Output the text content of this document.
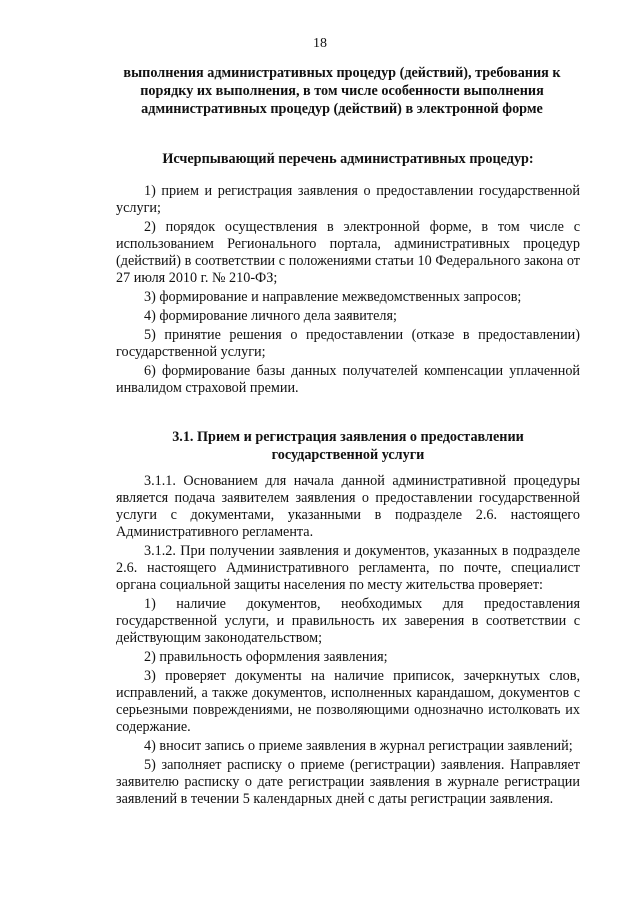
18
выполнения административных процедур (действий), требования к
порядку их выполнения, в том числе особенности выполнения
административных процедур (действий) в электронной форме
Исчерпывающий перечень административных процедур:

1) прием и регистрация заявления о предоставлении государственной услуги;

2) порядок осуществления в электронной форме, в том числе с использованием Регионального портала, административных процедур (действий) в соответствии с положениями статьи 10 Федерального закона от 27 июля 2010 г. № 210-ФЗ;

3) формирование и направление межведомственных запросов;

4) формирование личного дела заявителя;

5) принятие решения о предоставлении (отказе в предоставлении) государственной услуги;

6) формирование базы данных получателей компенсации уплаченной инвалидом страховой премии.

3.1. Прием и регистрация заявления о предоставлении
государственной услуги

3.1.1. Основанием для начала данной административной процедуры является подача заявителем заявления о предоставлении государственной услуги с документами, указанными в подразделе 2.6. настоящего Административного регламента.

3.1.2. При получении заявления и документов, указанных в подразделе 2.6. настоящего Административного регламента, по почте, специалист органа социальной защиты населения по месту жительства проверяет:

1) наличие документов, необходимых для предоставления государственной услуги, и правильность их заверения в соответствии с действующим законодательством;

2) правильность оформления заявления;

3) проверяет документы на наличие приписок, зачеркнутых слов, исправлений, а также документов, исполненных карандашом, документов с серьезными повреждениями, не позволяющими однозначно истолковать их содержание.

4) вносит запись о приеме заявления в журнал регистрации заявлений;

5) заполняет расписку о приеме (регистрации) заявления. Направляет заявителю расписку о дате регистрации заявления в журнале регистрации заявлений в течении 5 календарных дней с даты регистрации заявления.
